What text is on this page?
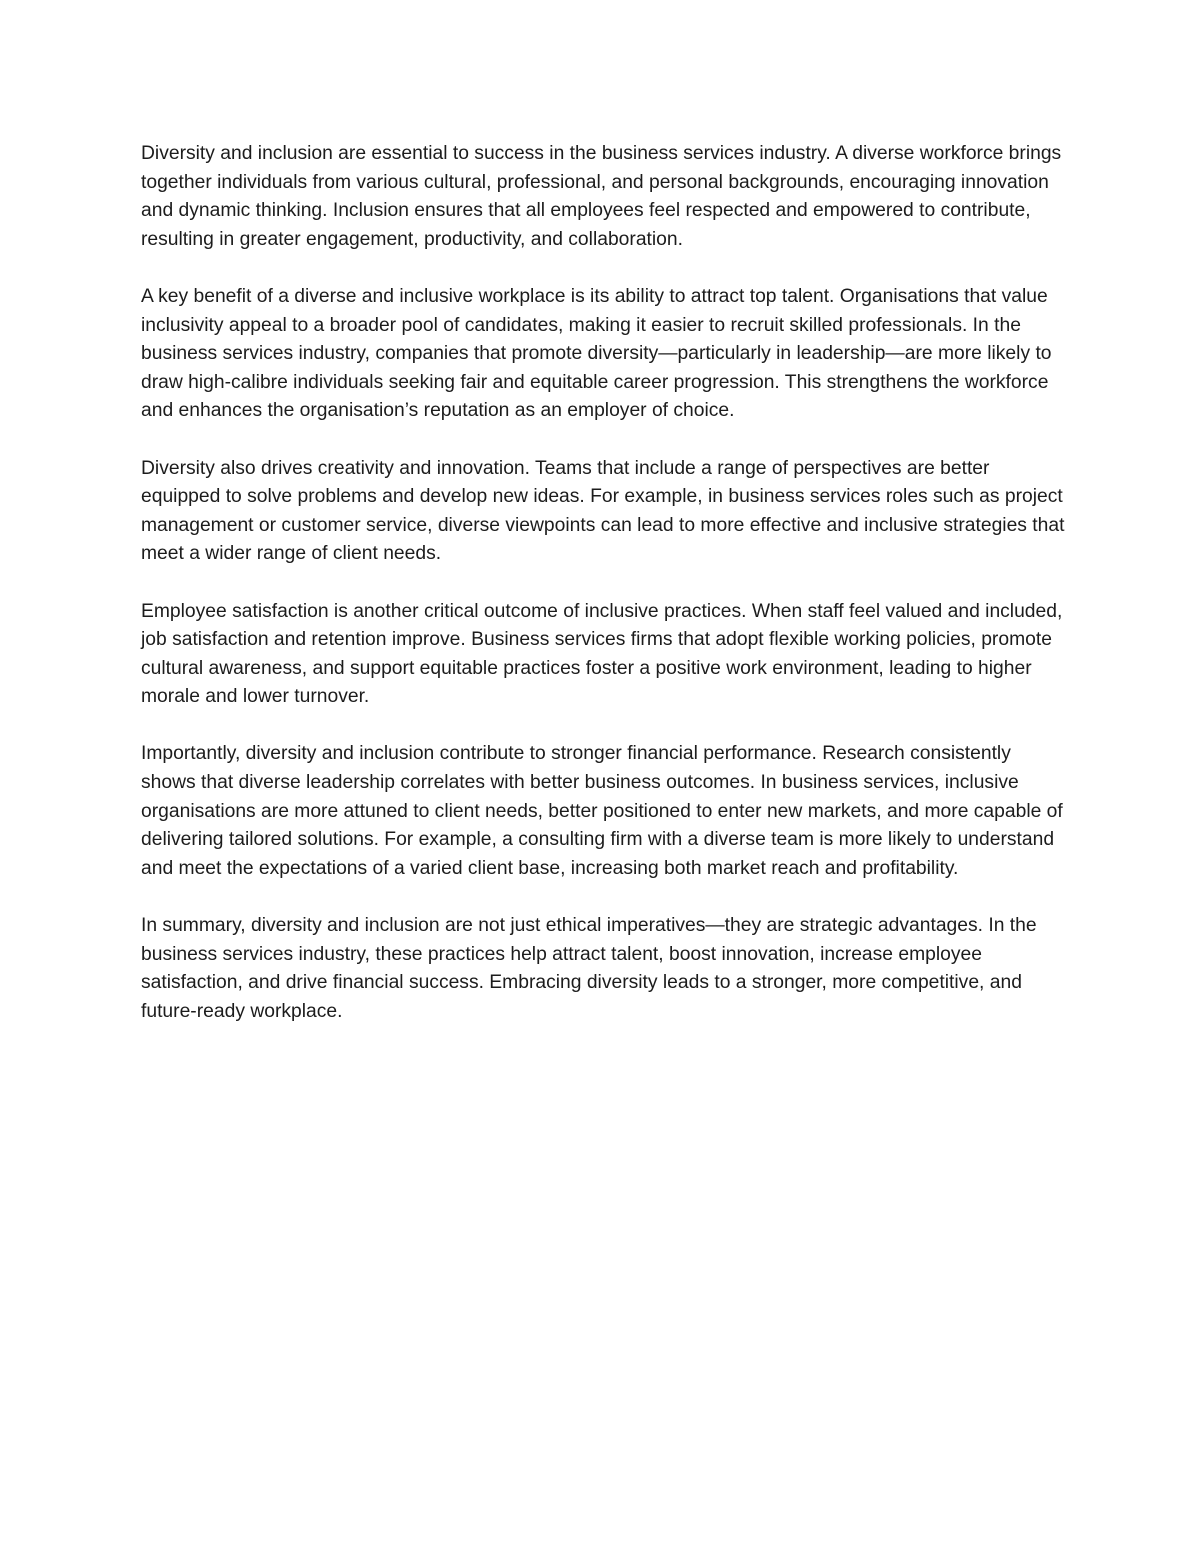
Diversity and inclusion are essential to success in the business services industry. A diverse workforce brings together individuals from various cultural, professional, and personal backgrounds, encouraging innovation and dynamic thinking. Inclusion ensures that all employees feel respected and empowered to contribute, resulting in greater engagement, productivity, and collaboration.

A key benefit of a diverse and inclusive workplace is its ability to attract top talent. Organisations that value inclusivity appeal to a broader pool of candidates, making it easier to recruit skilled professionals. In the business services industry, companies that promote diversity—particularly in leadership—are more likely to draw high-calibre individuals seeking fair and equitable career progression. This strengthens the workforce and enhances the organisation’s reputation as an employer of choice.

Diversity also drives creativity and innovation. Teams that include a range of perspectives are better equipped to solve problems and develop new ideas. For example, in business services roles such as project management or customer service, diverse viewpoints can lead to more effective and inclusive strategies that meet a wider range of client needs.

Employee satisfaction is another critical outcome of inclusive practices. When staff feel valued and included, job satisfaction and retention improve. Business services firms that adopt flexible working policies, promote cultural awareness, and support equitable practices foster a positive work environment, leading to higher morale and lower turnover.

Importantly, diversity and inclusion contribute to stronger financial performance. Research consistently shows that diverse leadership correlates with better business outcomes. In business services, inclusive organisations are more attuned to client needs, better positioned to enter new markets, and more capable of delivering tailored solutions. For example, a consulting firm with a diverse team is more likely to understand and meet the expectations of a varied client base, increasing both market reach and profitability.

In summary, diversity and inclusion are not just ethical imperatives—they are strategic advantages. In the business services industry, these practices help attract talent, boost innovation, increase employee satisfaction, and drive financial success. Embracing diversity leads to a stronger, more competitive, and future-ready workplace.
